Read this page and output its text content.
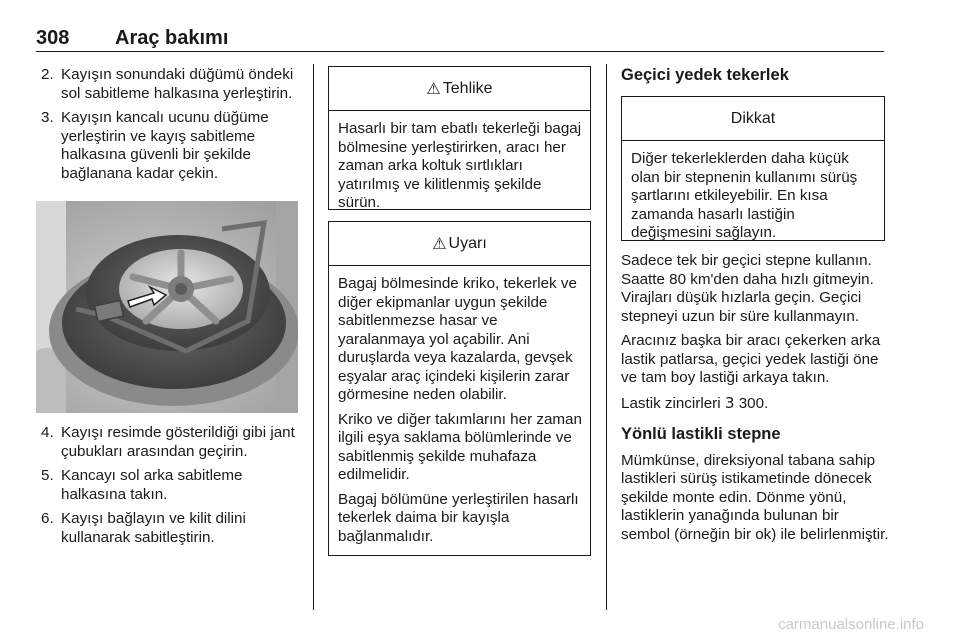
308 Araç bakımı
2. Kayışın sonundaki düğümü öndeki sol sabitleme halkasına yerleştirin.
3. Kayışın kancalı ucunu düğüme yerleştirin ve kayış sabitleme halkasına güvenli bir şekilde bağlanana kadar çekin.
4. Kayışı resimde gösterildiği gibi jant çubukları arasından geçirin.
5. Kancayı sol arka sabitleme halkasına takın.
6. Kayışı bağlayın ve kilit dilini kullanarak sabitleştirin.
⚠ Tehlike

Hasarlı bir tam ebatlı tekerleği bagaj bölmesine yerleştirirken, aracı her zaman arka koltuk sırtlıkları yatırılmış ve kilitlenmiş şekilde sürün.

⚠ Uyarı

Bagaj bölmesinde kriko, tekerlek ve diğer ekipmanlar uygun şekilde sabitlenmezse hasar ve yaralanmaya yol açabilir. Ani duruşlarda veya kazalarda, gevşek eşyalar araç içindeki kişilerin zarar görmesine neden olabilir.

Kriko ve diğer takımlarını her zaman ilgili eşya saklama bölümlerinde ve sabitlenmiş şekilde muhafaza edilmelidir.

Bagaj bölümüne yerleştirilen hasarlı tekerlek daima bir kayışla bağlanmalıdır.

Geçici yedek tekerlek
Dikkat

Diğer tekerleklerden daha küçük olan bir stepnenin kullanımı sürüş şartlarını etkileyebilir. En kısa zamanda hasarlı lastiğin değişmesini sağlayın.

Sadece tek bir geçici stepne kullanın. Saatte 80 km'den daha hızlı gitmeyin. Virajları düşük hızlarla geçin. Geçici stepneyi uzun bir süre kullanmayın.

Aracınız başka bir aracı çekerken arka lastik patlarsa, geçici yedek lastiği öne ve tam boy lastiği arkaya takın.

Lastik zincirleri 3 300.

Yönlü lastikli stepne

Mümkünse, direksiyonal tabana sahip lastikleri sürüş istikametinde dönecek şekilde monte edin. Dönme yönü, lastiklerin yanağında bulunan bir sembol (örneğin bir ok) ile belirlenmiştir.

carmanualsonline.info
